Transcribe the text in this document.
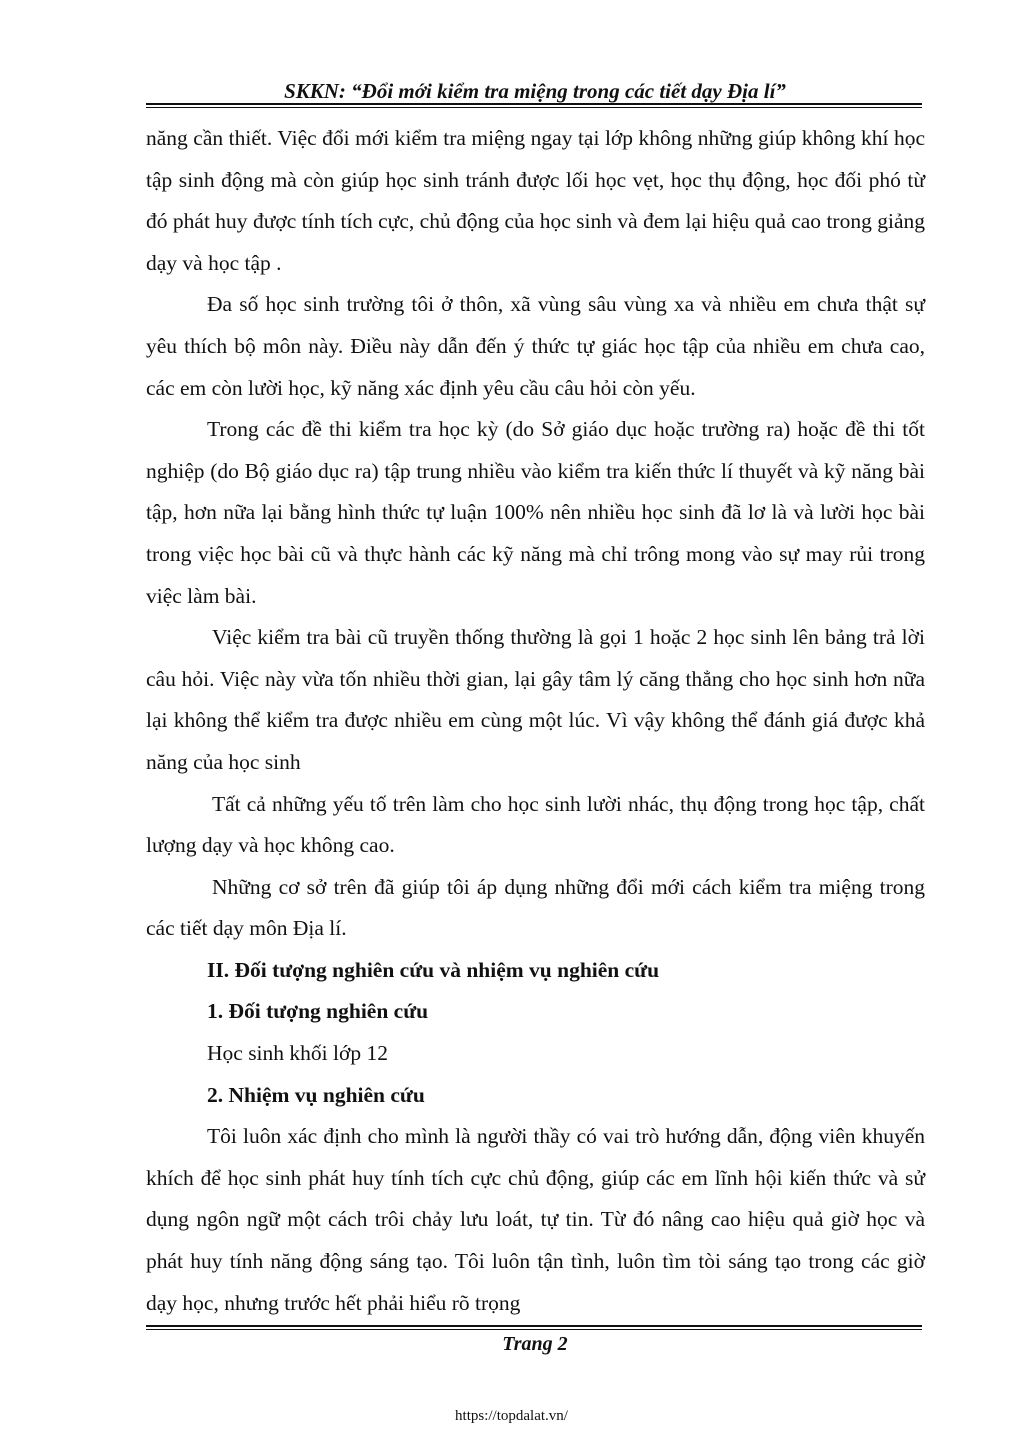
SKKN: “Đổi mới kiểm tra miệng trong các tiết dạy Địa lí”

năng cần thiết. Việc đổi mới kiểm tra miệng ngay tại lớp không những giúp không khí học tập sinh động mà còn giúp học sinh tránh được lối học vẹt, học thụ động, học đối phó từ đó phát huy được tính tích cực, chủ động của học sinh và đem lại hiệu quả cao trong giảng dạy và học tập .

Đa số học sinh trường tôi ở thôn, xã vùng sâu vùng xa và nhiều em chưa thật sự yêu thích bộ môn này. Điều này dẫn đến ý thức tự giác học tập của nhiều em chưa cao, các em còn lười học, kỹ năng xác định yêu cầu câu hỏi còn yếu.

Trong các đề thi kiểm tra học kỳ (do Sở giáo dục hoặc trường ra) hoặc đề thi tốt nghiệp (do Bộ giáo dục ra) tập trung nhiều vào kiểm tra kiến thức lí thuyết và kỹ năng bài tập, hơn nữa lại bằng hình thức tự luận 100% nên nhiều học sinh đã lơ là và lười học bài trong việc học bài cũ và thực hành các kỹ năng mà chỉ trông mong vào sự may rủi trong việc làm bài.

Việc kiểm tra bài cũ truyền thống thường là gọi 1 hoặc 2 học sinh lên bảng trả lời câu hỏi. Việc này vừa tốn nhiều thời gian, lại gây tâm lý căng thẳng cho học sinh hơn nữa lại không thể kiểm tra được nhiều em cùng một lúc. Vì vậy không thể đánh giá được khả năng của học sinh

Tất cả những yếu tố trên làm cho học sinh lười nhác, thụ động trong học tập, chất lượng dạy và học không cao.

Những cơ sở trên đã giúp tôi áp dụng những đổi mới cách kiểm tra miệng trong các tiết dạy môn Địa lí.

II. Đối tượng nghiên cứu và nhiệm vụ nghiên cứu
1. Đối tượng nghiên cứu
Học sinh khối lớp 12
2. Nhiệm vụ nghiên cứu

Tôi luôn xác định cho mình là người thầy có vai trò hướng dẫn, động viên khuyến khích để học sinh phát huy tính tích cực chủ động, giúp các em lĩnh hội kiến thức và sử dụng ngôn ngữ một cách trôi chảy lưu loát, tự tin. Từ đó nâng cao hiệu quả giờ học và phát huy tính năng động sáng tạo. Tôi luôn tận tình, luôn tìm tòi sáng tạo trong các giờ dạy học, nhưng trước hết phải hiểu rõ trọng

Trang 2
https://topdalat.vn/
